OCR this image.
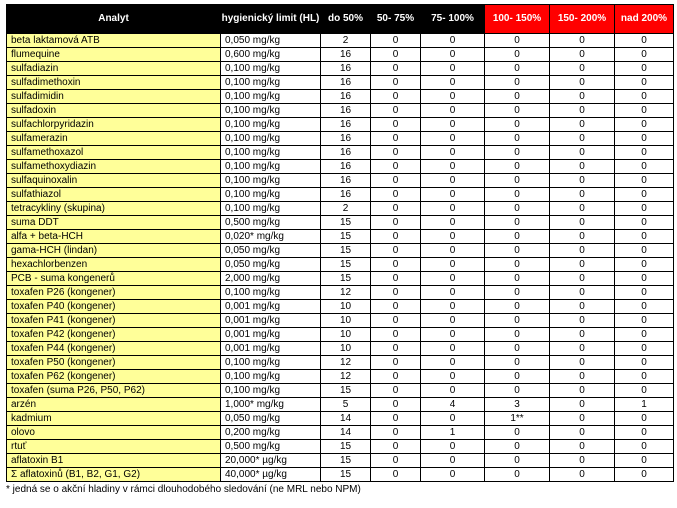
Analyt	hygienický limit (HL)	do 50%	50- 75%	75- 100%	100- 150%	150- 200%	nad 200%
beta laktamová ATB	0,050 mg/kg	2	0	0	0	0	0
flumequine	0,600 mg/kg	16	0	0	0	0	0
sulfadiazin	0,100 mg/kg	16	0	0	0	0	0
sulfadimethoxin	0,100 mg/kg	16	0	0	0	0	0
sulfadimidin	0,100 mg/kg	16	0	0	0	0	0
sulfadoxin	0,100 mg/kg	16	0	0	0	0	0
sulfachlorpyridazin	0,100 mg/kg	16	0	0	0	0	0
sulfamerazin	0,100 mg/kg	16	0	0	0	0	0
sulfamethoxazol	0,100 mg/kg	16	0	0	0	0	0
sulfamethoxydiazin	0,100 mg/kg	16	0	0	0	0	0
sulfaquinoxalin	0,100 mg/kg	16	0	0	0	0	0
sulfathiazol	0,100 mg/kg	16	0	0	0	0	0
tetracykliny (skupina)	0,100 mg/kg	2	0	0	0	0	0
suma DDT	0,500 mg/kg	15	0	0	0	0	0
alfa + beta-HCH	0,020* mg/kg	15	0	0	0	0	0
gama-HCH (lindan)	0,050 mg/kg	15	0	0	0	0	0
hexachlorbenzen	0,050 mg/kg	15	0	0	0	0	0
PCB - suma kongenerů	2,000 mg/kg	15	0	0	0	0	0
toxafen P26 (kongener)	0,100 mg/kg	12	0	0	0	0	0
toxafen P40 (kongener)	0,001 mg/kg	10	0	0	0	0	0
toxafen P41 (kongener)	0,001 mg/kg	10	0	0	0	0	0
toxafen P42 (kongener)	0,001 mg/kg	10	0	0	0	0	0
toxafen P44 (kongener)	0,001 mg/kg	10	0	0	0	0	0
toxafen P50 (kongener)	0,100 mg/kg	12	0	0	0	0	0
toxafen P62 (kongener)	0,100 mg/kg	12	0	0	0	0	0
toxafen (suma P26, P50, P62)	0,100 mg/kg	15	0	0	0	0	0
arzén	1,000* mg/kg	5	0	4	3	0	1
kadmium	0,050 mg/kg	14	0	0	1**	0	0
olovo	0,200 mg/kg	14	0	1	0	0	0
rtuť	0,500 mg/kg	15	0	0	0	0	0
aflatoxin B1	20,000* µg/kg	15	0	0	0	0	0
Σ aflatoxinů (B1, B2, G1, G2)	40,000* µg/kg	15	0	0	0	0	0
* jedná se o akční hladiny v rámci dlouhodobého sledování (ne MRL nebo NPM)
